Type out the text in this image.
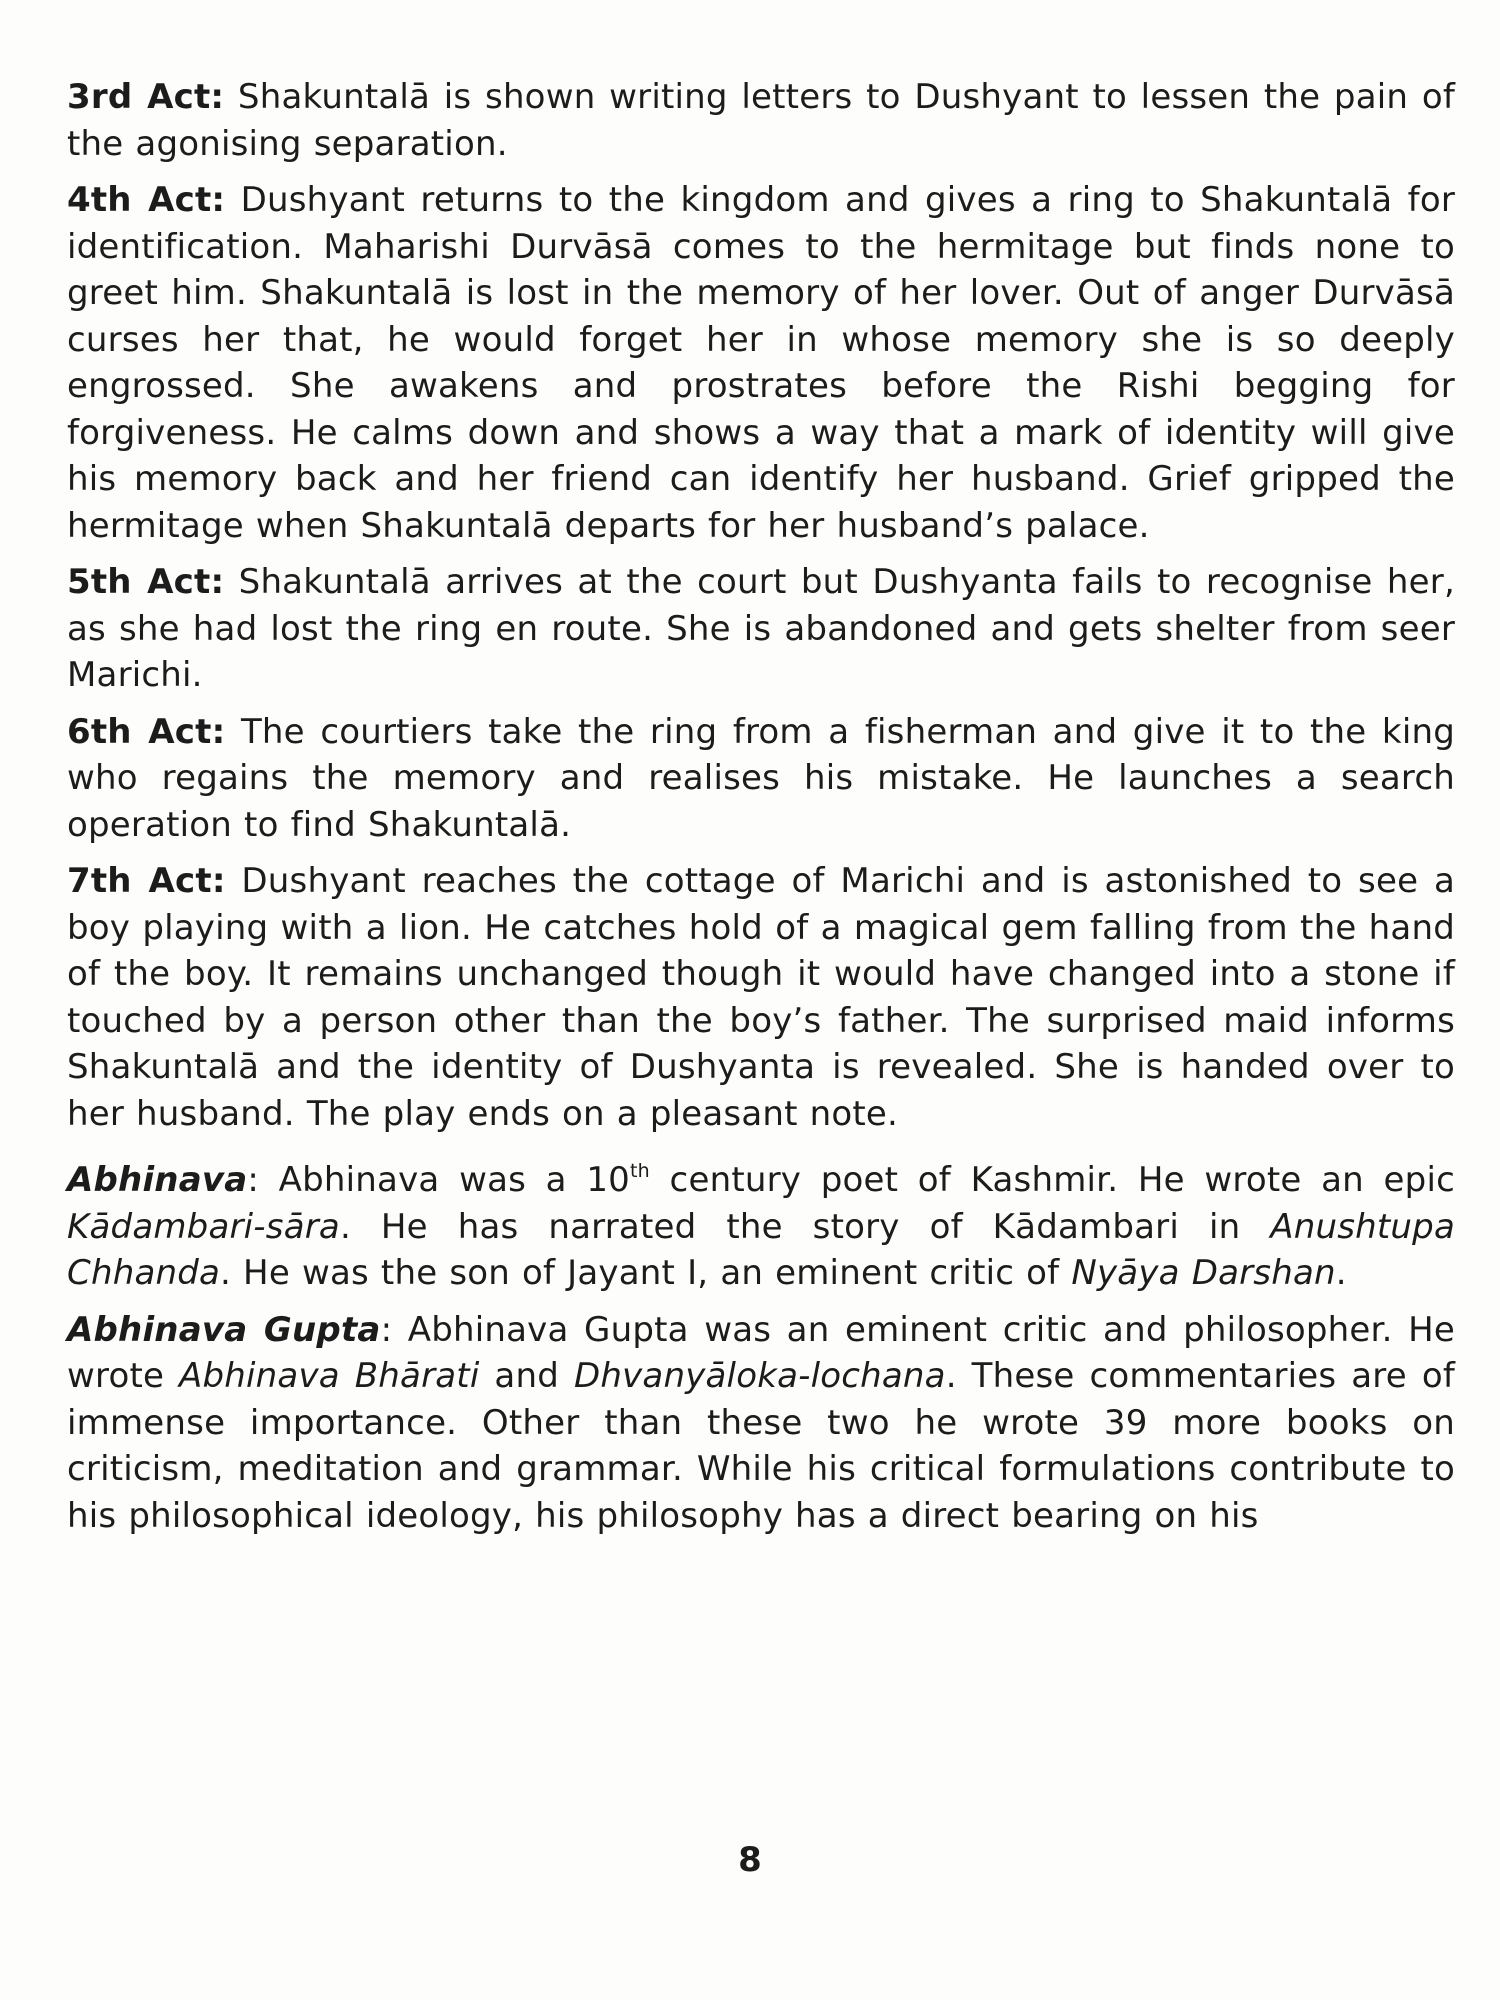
3rd Act: Shakuntalā is shown writing letters to Dushyant to lessen the pain of the agonising separation.

4th Act: Dushyant returns to the kingdom and gives a ring to Shakuntalā for identification. Maharishi Durvāsā comes to the hermitage but finds none to greet him. Shakuntalā is lost in the memory of her lover. Out of anger Durvāsā curses her that, he would forget her in whose memory she is so deeply engrossed. She awakens and prostrates before the Rishi begging for forgiveness. He calms down and shows a way that a mark of identity will give his memory back and her friend can identify her husband. Grief gripped the hermitage when Shakuntalā departs for her husband’s palace.

5th Act: Shakuntalā arrives at the court but Dushyanta fails to recognise her, as she had lost the ring en route. She is abandoned and gets shelter from seer Marichi.

6th Act: The courtiers take the ring from a fisherman and give it to the king who regains the memory and realises his mistake. He launches a search operation to find Shakuntalā.

7th Act: Dushyant reaches the cottage of Marichi and is astonished to see a boy playing with a lion. He catches hold of a magical gem falling from the hand of the boy. It remains unchanged though it would have changed into a stone if touched by a person other than the boy’s father. The surprised maid informs Shakuntalā and the identity of Dushyanta is revealed. She is handed over to her husband. The play ends on a pleasant note.

Abhinava: Abhinava was a 10th century poet of Kashmir. He wrote an epic Kādambari-sāra. He has narrated the story of Kādambari in Anushtupa Chhanda. He was the son of Jayant I, an eminent critic of Nyāya Darshan.

Abhinava Gupta: Abhinava Gupta was an eminent critic and philosopher. He wrote Abhinava Bhārati and Dhvanyāloka-lochana. These commentaries are of immense importance. Other than these two he wrote 39 more books on criticism, meditation and grammar. While his critical formulations contribute to his philosophical ideology, his philosophy has a direct bearing on his

8
